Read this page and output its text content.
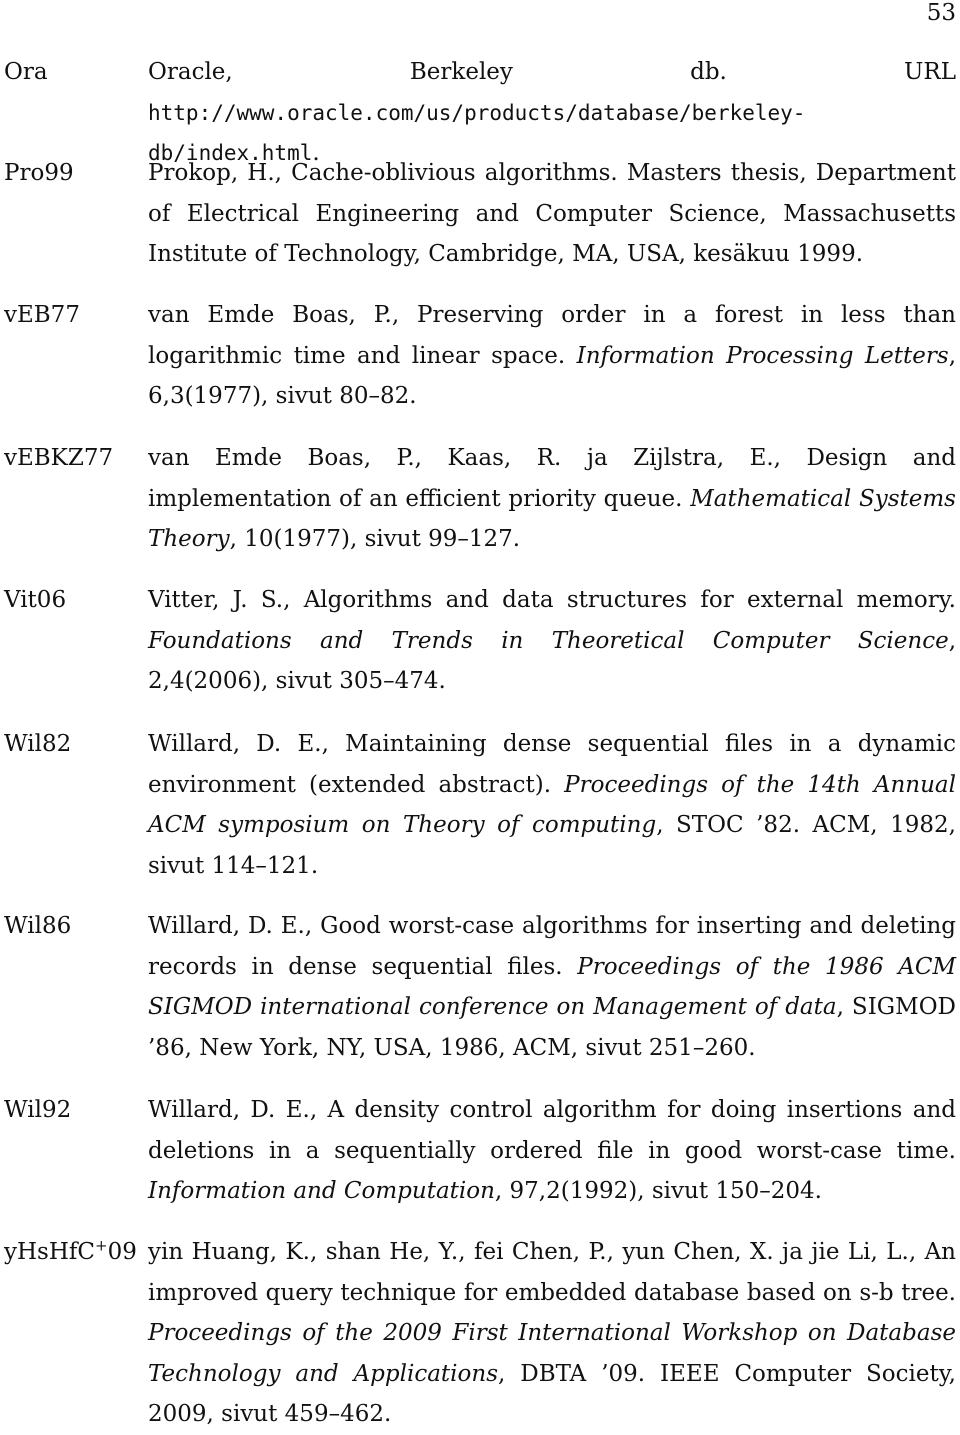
53
Ora	Oracle, Berkeley db. URL http://www.oracle.com/us/products/database/berkeley-db/index.html.
Pro99	Prokop, H., Cache-oblivious algorithms. Masters thesis, Department of Electrical Engineering and Computer Science, Massachusetts Institute of Technology, Cambridge, MA, USA, kesäkuu 1999.
vEB77	van Emde Boas, P., Preserving order in a forest in less than logarithmic time and linear space. Information Processing Letters, 6,3(1977), sivut 80–82.
vEBKZ77 van Emde Boas, P., Kaas, R. ja Zijlstra, E., Design and implementation of an efficient priority queue. Mathematical Systems Theory, 10(1977), sivut 99–127.
Vit06	Vitter, J. S., Algorithms and data structures for external memory. Foundations and Trends in Theoretical Computer Science, 2,4(2006), sivut 305–474.
Wil82	Willard, D. E., Maintaining dense sequential files in a dynamic environment (extended abstract). Proceedings of the 14th Annual ACM symposium on Theory of computing, STOC ’82. ACM, 1982, sivut 114–121.
Wil86	Willard, D. E., Good worst-case algorithms for inserting and deleting records in dense sequential files. Proceedings of the 1986 ACM SIGMOD international conference on Management of data, SIGMOD ’86, New York, NY, USA, 1986, ACM, sivut 251–260.
Wil92	Willard, D. E., A density control algorithm for doing insertions and deletions in a sequentially ordered file in good worst-case time. Information and Computation, 97,2(1992), sivut 150–204.
yHsHfC+09 yin Huang, K., shan He, Y., fei Chen, P., yun Chen, X. ja jie Li, L., An improved query technique for embedded database based on s-b tree. Proceedings of the 2009 First International Workshop on Database Technology and Applications, DBTA ’09. IEEE Computer Society, 2009, sivut 459–462.
